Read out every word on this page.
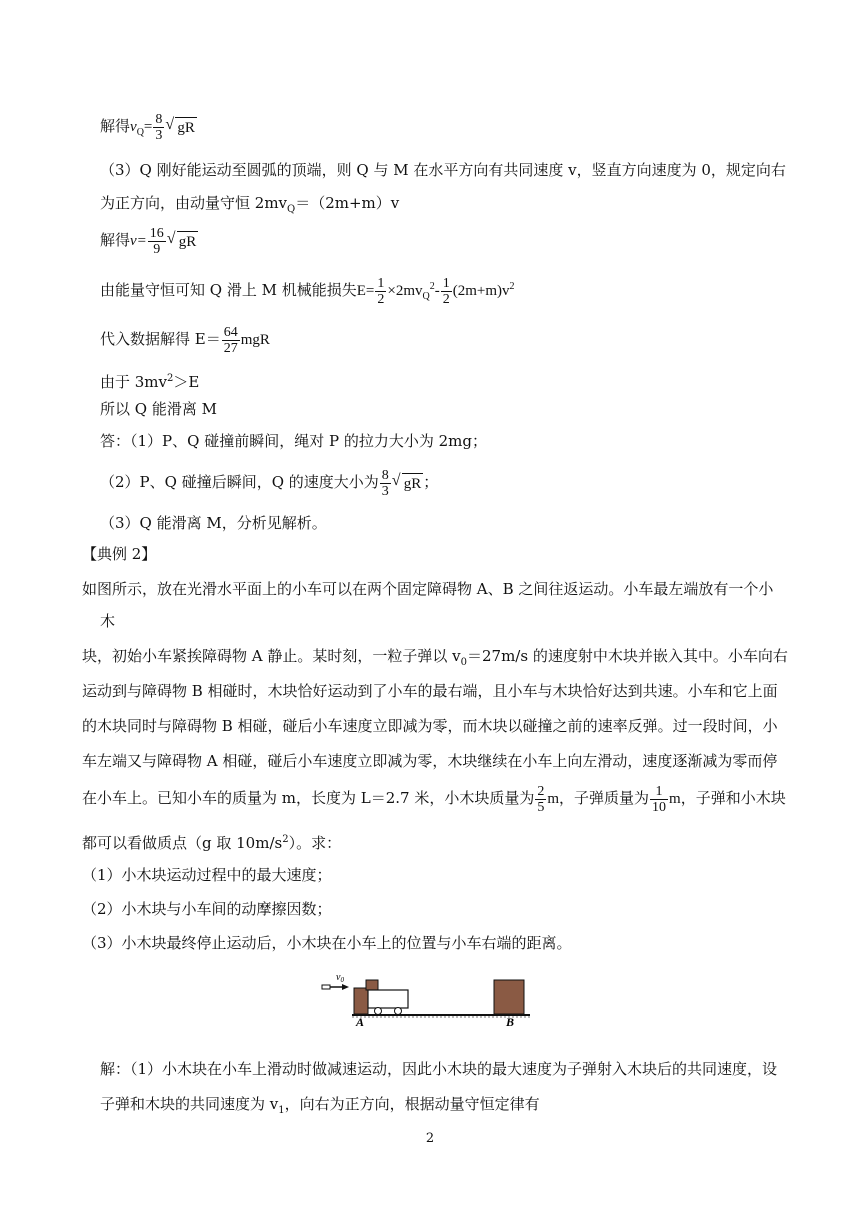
解得$v_Q= \frac{8}{3}$ √ gR
（3）Q 刚好能运动至圆弧的顶端，则 Q 与 M 在水平方向有共同速度 v，竖直方向速度为 0，规定向右
为正方向，由动量守恒 $2mv_Q=(2m+m)v$
解得$v= \frac{16}{9}$ √ gR
由能量守恒可知 Q 滑上 M 机械能损失$E= \frac{1}{2} \times 2mv_Q^2- \frac{1}{2} (2m+m)v^2$
代入数据解得 $E= \frac{64}{27}$ mgR
由于 $3mv^2>E$
所以 Q 能滑离 M
答：（1）P、Q 碰撞前瞬间，绳对 P 的拉力大小为 2mg；
（2）P、Q 碰撞后瞬间，Q 的速度大小为 $\frac{8}{3}$ √ gR ；
（3）Q 能滑离 M，分析见解析。
【典例 2】
如图所示，放在光滑水平面上的小车可以在两个固定障碍物 A、B 之间往返运动。小车最左端放有一个小
木
块，初始小车紧挨障碍物 A 静止。某时刻，一粒子弹以 $v_0=27m/s$ 的速度射中木块并嵌入其中。小车向右
运动到与障碍物 B 相碰时，木块恰好运动到了小车的最右端，且小车与木块恰好达到共速。小车和它上面
的木块同时与障碍物 B 相碰，碰后小车速度立即减为零，而木块以碰撞之前的速率反弹。过一段时间，小
车左端又与障碍物 A 相碰，碰后小车速度立即减为零，木块继续在小车上向左滑动，速度逐渐减为零而停
在小车上。已知小车的质量为 m，长度为 L＝2.7 米，小木块质量为 $\frac{2}{5}$ m，子弹质量为 $\frac{1}{10}$ m，子弹和小木块
都可以看做质点（g 取 $10m/s^2$）。求：
（1）小木块运动过程中的最大速度；
（2）小木块与小车间的动摩擦因数；
（3）小木块最终停止运动后，小木块在小车上的位置与小车右端的距离。
$v_0$
A	B
解：（1）小木块在小车上滑动时做减速运动，因此小木块的最大速度为子弹射入木块后的共同速度，设
子弹和木块的共同速度为 $v_1$，向右为正方向，根据动量守恒定律有
2
